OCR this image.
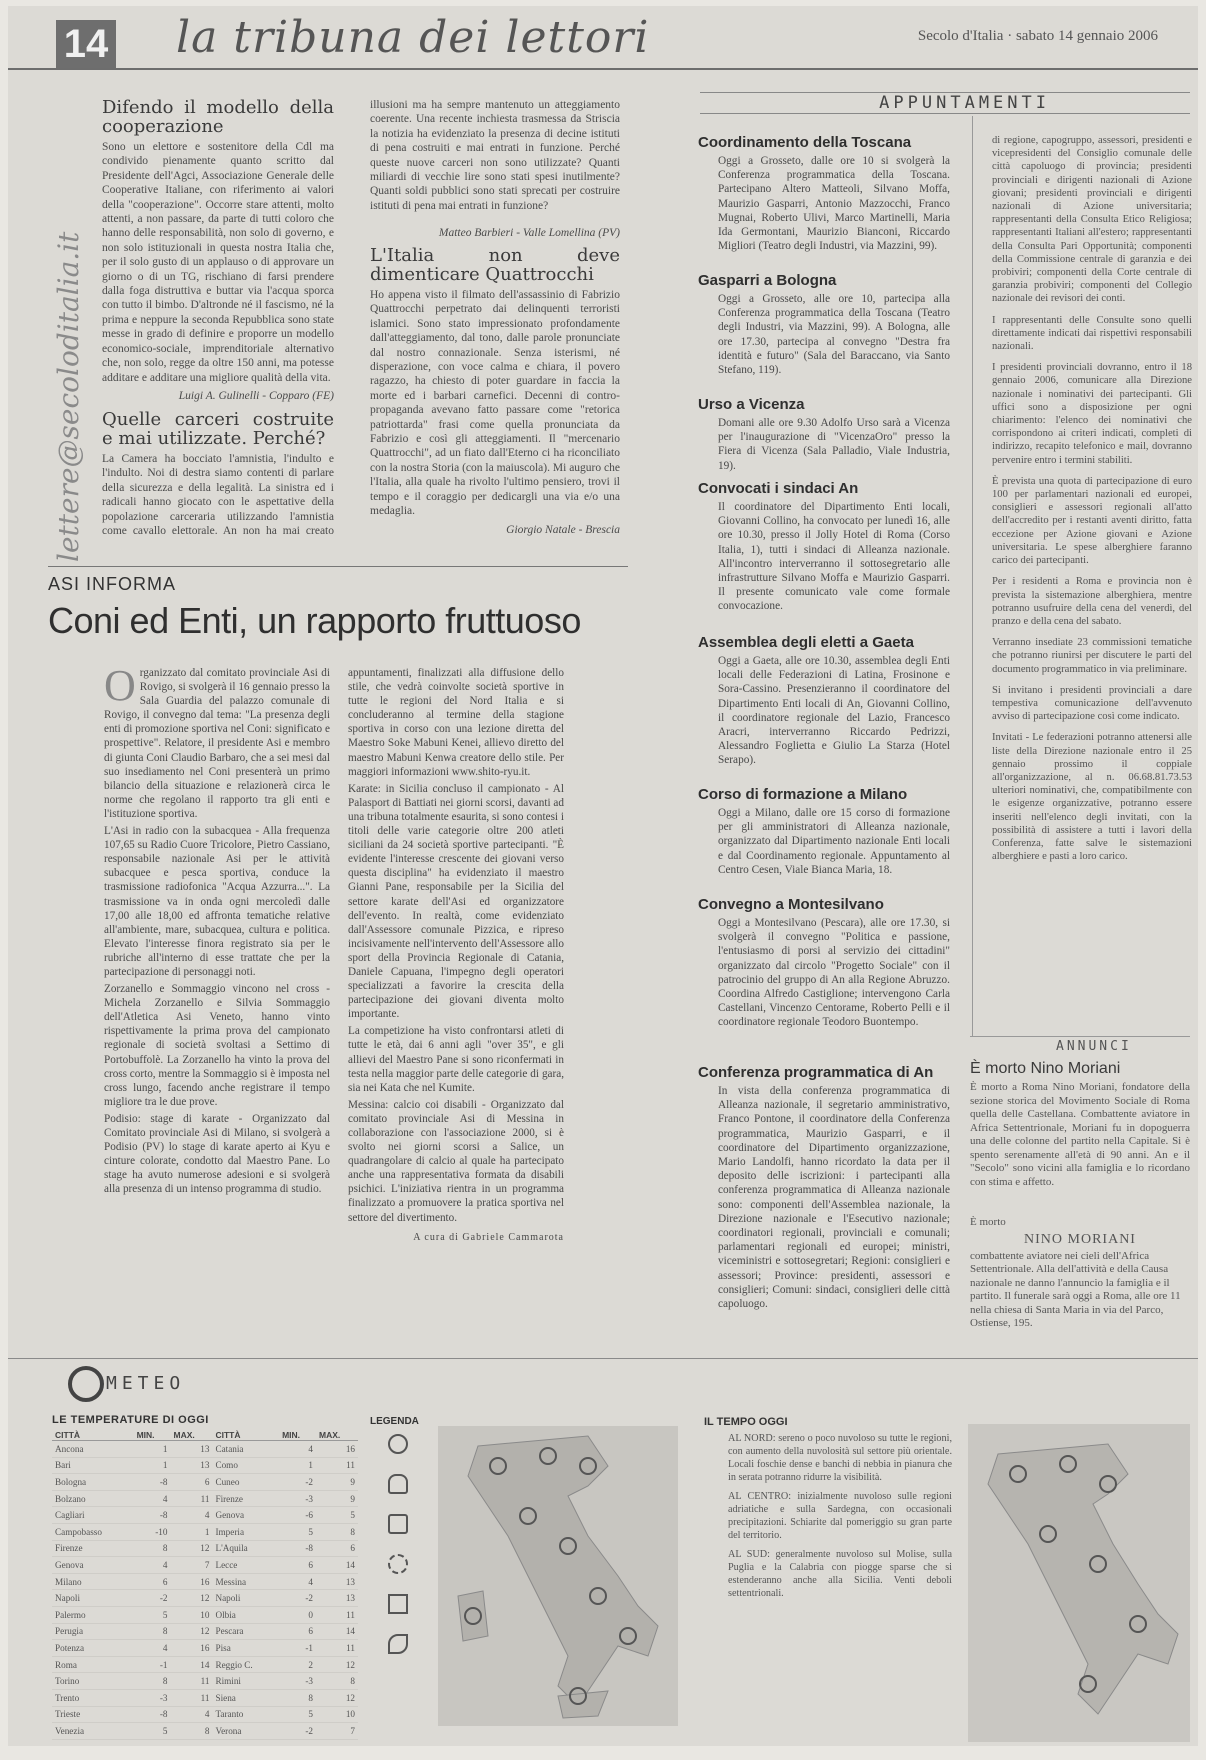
14 la tribuna dei lettori	Secolo d'Italia · sabato 14 gennaio 2006
lettere@secoloditalia.it
Difendo il modello della cooperazione

Sono un elettore e sostenitore della Cdl ma condivido pienamente quanto scritto dal Presidente dell'Agci, Associazione Generale delle Cooperative Italiane, con riferimento ai valori della "cooperazione". Occorre stare attenti, molto attenti, a non passare, da parte di tutti coloro che hanno delle responsabilità, non solo di governo, e non solo istituzionali in questa nostra Italia che, per il solo gusto di un applauso o di approvare un giorno o di un TG, rischiano di farsi prendere dalla foga distruttiva e buttar via l'acqua sporca con tutto il bimbo. D'altronde né il fascismo, né la prima e neppure la seconda Repubblica sono state messe in grado di definire e proporre un modello economico-sociale, imprenditoriale alternativo che, non solo, regge da oltre 150 anni, ma potesse additare e additare una migliore qualità della vita.

Luigi A. Gulinelli - Copparo (FE)
Quelle carceri costruite e mai utilizzate. Perché?

La Camera ha bocciato l'amnistia, l'indulto e l'indulto. Noi di destra siamo contenti di parlare della sicurezza e della legalità. La sinistra ed i radicali hanno giocato con le aspettative della popolazione carceraria utilizzando l'amnistia come cavallo elettorale. An non ha mai creato

illusioni ma ha sempre mantenuto un atteggiamento coerente. Una recente inchiesta trasmessa da Striscia la notizia ha evidenziato la presenza di decine istituti di pena costruiti e mai entrati in funzione. Perché queste nuove carceri non sono utilizzate? Quanti miliardi di vecchie lire sono stati spesi inutilmente? Quanti soldi pubblici sono stati sprecati per costruire istituti di pena mai entrati in funzione?

Matteo Barbieri - Valle Lomellina (PV)
L'Italia non deve dimenticare Quattrocchi

Ho appena visto il filmato dell'assassinio di Fabrizio Quattrocchi perpetrato dai delinquenti terroristi islamici. Sono stato impressionato profondamente dall'atteggiamento, dal tono, dalle parole pronunciate dal nostro connazionale. Senza isterismi, né disperazione, con voce calma e chiara, il povero ragazzo, ha chiesto di poter guardare in faccia la morte ed i barbari carnefici. Decenni di contro-propaganda avevano fatto passare come "retorica patriottarda" frasi come quella pronunciata da Fabrizio e così gli atteggiamenti. Il "mercenario Quattrocchi", ad un fiato dall'Eterno ci ha riconciliato con la nostra Storia (con la maiuscola). Mi auguro che l'Italia, alla quale ha rivolto l'ultimo pensiero, trovi il tempo e il coraggio per dedicargli una via e/o una medaglia.

Giorgio Natale - Brescia
ASI INFORMA
Coni ed Enti, un rapporto fruttuoso

Organizzato dal comitato provinciale Asi di Rovigo, si svolgerà il 16 gennaio presso la Sala Guardia del palazzo comunale di Rovigo, il convegno dal tema: "La presenza degli enti di promozione sportiva nel Coni: significato e prospettive". Relatore, il presidente Asi e membro di giunta Coni Claudio Barbaro, che a sei mesi dal suo insediamento nel Coni presenterà un primo bilancio della situazione e relazionerà circa le norme che regolano il rapporto tra gli enti e l'istituzione sportiva.

L'Asi in radio con la subacquea - Alla frequenza 107,65 su Radio Cuore Tricolore, Pietro Cassiano, responsabile nazionale Asi per le attività subacquee e pesca sportiva, conduce la trasmissione radiofonica "Acqua Azzurra...". La trasmissione va in onda ogni mercoledì dalle 17,00 alle 18,00 ed affronta tematiche relative all'ambiente, mare, subacquea, cultura e politica. Elevato l'interesse finora registrato sia per le rubriche all'interno di esse trattate che per la partecipazione di personaggi noti.

Zorzanello e Sommaggio vincono nel cross - Michela Zorzanello e Silvia Sommaggio dell'Atletica Asi Veneto, hanno vinto rispettivamente la prima prova del campionato regionale di società svoltasi a Settimo di Portobuffolè. La Zorzanello ha vinto la prova del cross corto, mentre la Sommaggio si è imposta nel cross lungo, facendo anche registrare il tempo migliore tra le due prove.

Podisio: stage di karate - Organizzato dal Comitato provinciale Asi di Milano, si svolgerà a Podisio (PV) lo stage di karate aperto ai Kyu e cinture colorate, condotto dal Maestro Pane. Lo stage ha avuto numerose adesioni e si svolgerà alla presenza di un intenso programma di studio.

appuntamenti, finalizzati alla diffusione dello stile, che vedrà coinvolte società sportive in tutte le regioni del Nord Italia e si concluderanno al termine della stagione sportiva in corso con una lezione diretta del Maestro Soke Mabuni Kenei, allievo diretto del maestro Mabuni Kenwa creatore dello stile. Per maggiori informazioni www.shito-ryu.it.

Karate: in Sicilia concluso il campionato - Al Palasport di Battiati nei giorni scorsi, davanti ad una tribuna totalmente esaurita, si sono contesi i titoli delle varie categorie oltre 200 atleti siciliani da 24 società sportive partecipanti. "È evidente l'interesse crescente dei giovani verso questa disciplina" ha evidenziato il maestro Gianni Pane, responsabile per la Sicilia del settore karate dell'Asi ed organizzatore dell'evento. In realtà, come evidenziato dall'Assessore comunale Pizzica, e ripreso incisivamente nell'intervento dell'Assessore allo sport della Provincia Regionale di Catania, Daniele Capuana, l'impegno degli operatori specializzati a favorire la crescita della partecipazione dei giovani diventa molto importante.

La competizione ha visto confrontarsi atleti di tutte le età, dai 6 anni agli "over 35", e gli allievi del Maestro Pane si sono riconfermati in testa nella maggior parte delle categorie di gara, sia nei Kata che nel Kumite.

Messina: calcio coi disabili - Organizzato dal comitato provinciale Asi di Messina in collaborazione con l'associazione 2000, si è svolto nei giorni scorsi a Salice, un quadrangolare di calcio al quale ha partecipato anche una rappresentativa formata da disabili psichici. L'iniziativa rientra in un programma finalizzato a promuovere la pratica sportiva nel settore del divertimento.

A cura di Gabriele Cammarota
APPUNTAMENTI
Coordinamento della Toscana

Oggi a Grosseto, dalle ore 10 si svolgerà la Conferenza programmatica della Toscana. Partecipano Altero Matteoli, Silvano Moffa, Maurizio Gasparri, Antonio Mazzocchi, Franco Mugnai, Roberto Ulivi, Marco Martinelli, Maria Ida Germontani, Maurizio Bianconi, Riccardo Migliori (Teatro degli Industri, via Mazzini, 99).

Gasparri a Bologna

Oggi a Grosseto, alle ore 10, partecipa alla Conferenza programmatica della Toscana (Teatro degli Industri, via Mazzini, 99). A Bologna, alle ore 17.30, partecipa al convegno "Destra fra identità e futuro" (Sala del Baraccano, via Santo Stefano, 119).

Urso a Vicenza

Domani alle ore 9.30 Adolfo Urso sarà a Vicenza per l'inaugurazione di "VicenzaOro" presso la Fiera di Vicenza (Sala Palladio, Viale Industria, 19).

Convocati i sindaci An

Il coordinatore del Dipartimento Enti locali, Giovanni Collino, ha convocato per lunedì 16, alle ore 10.30, presso il Jolly Hotel di Roma (Corso Italia, 1), tutti i sindaci di Alleanza nazionale. All'incontro interverranno il sottosegretario alle infrastrutture Silvano Moffa e Maurizio Gasparri. Il presente comunicato vale come formale convocazione.

Assemblea degli eletti a Gaeta

Oggi a Gaeta, alle ore 10.30, assemblea degli Enti locali delle Federazioni di Latina, Frosinone e Sora-Cassino. Presenzieranno il coordinatore del Dipartimento Enti locali di An, Giovanni Collino, il coordinatore regionale del Lazio, Francesco Aracri, interverranno Riccardo Pedrizzi, Alessandro Foglietta e Giulio La Starza (Hotel Serapo).

Corso di formazione a Milano

Oggi a Milano, dalle ore 15 corso di formazione per gli amministratori di Alleanza nazionale, organizzato dal Dipartimento nazionale Enti locali e dal Coordinamento regionale. Appuntamento al Centro Cesen, Viale Bianca Maria, 18.

Convegno a Montesilvano

Oggi a Montesilvano (Pescara), alle ore 17.30, si svolgerà il convegno "Politica e passione, l'entusiasmo di porsi al servizio dei cittadini" organizzato dal circolo "Progetto Sociale" con il patrocinio del gruppo di An alla Regione Abruzzo. Coordina Alfredo Castiglione; intervengono Carla Castellani, Vincenzo Centorame, Roberto Pelli e il coordinatore regionale Teodoro Buontempo.

Conferenza programmatica di An

In vista della conferenza programmatica di Alleanza nazionale, il segretario amministrativo, Franco Pontone, il coordinatore della Conferenza programmatica, Maurizio Gasparri, e il coordinatore del Dipartimento organizzazione, Mario Landolfi, hanno ricordato la data per il deposito delle iscrizioni: i partecipanti alla conferenza programmatica di Alleanza nazionale sono: componenti dell'Assemblea nazionale, la Direzione nazionale e l'Esecutivo nazionale; coordinatori regionali, provinciali e comunali; parlamentari regionali ed europei; ministri, viceministri e sottosegretari; Regioni: consiglieri e assessori; Province: presidenti, assessori e consiglieri; Comuni: sindaci, consiglieri delle città capoluogo.

di regione, capogruppo, assessori, presidenti e vicepresidenti del Consiglio comunale delle città capoluogo di provincia; presidenti provinciali e dirigenti nazionali di Azione giovani; presidenti provinciali e dirigenti nazionali di Azione universitaria; rappresentanti della Consulta Etico Religiosa; rappresentanti Italiani all'estero; rappresentanti della Consulta Pari Opportunità; componenti della Commissione centrale di garanzia e dei probiviri; componenti della Corte centrale di garanzia probiviri; componenti del Collegio nazionale dei revisori dei conti.

I rappresentanti delle Consulte sono quelli direttamente indicati dai rispettivi responsabili nazionali.

I presidenti provinciali dovranno, entro il 18 gennaio 2006, comunicare alla Direzione nazionale i nominativi dei partecipanti. Gli uffici sono a disposizione per ogni chiarimento: l'elenco dei nominativi che corrispondono ai criteri indicati, completi di indirizzo, recapito telefonico e mail, dovranno pervenire entro i termini stabiliti.

È prevista una quota di partecipazione di euro 100 per parlamentari nazionali ed europei, consiglieri e assessori regionali all'atto dell'accredito per i restanti aventi diritto, fatta eccezione per Azione giovani e Azione universitaria. Le spese alberghiere faranno carico dei partecipanti.

Per i residenti a Roma e provincia non è prevista la sistemazione alberghiera, mentre potranno usufruire della cena del venerdì, del pranzo e della cena del sabato.

Verranno insediate 23 commissioni tematiche che potranno riunirsi per discutere le parti del documento programmatico in via preliminare.

Si invitano i presidenti provinciali a dare tempestiva comunicazione dell'avvenuto avviso di partecipazione così come indicato.

Invitati - Le federazioni potranno attenersi alle liste della Direzione nazionale entro il 25 gennaio prossimo il coppiale all'organizzazione, al n. 06.68.81.73.53 ulteriori nominativi, che, compatibilmente con le esigenze organizzative, potranno essere inseriti nell'elenco degli invitati, con la possibilità di assistere a tutti i lavori della Conferenza, fatte salve le sistemazioni alberghiere e pasti a loro carico.

ANNUNCI
È morto Nino Moriani
È morto a Roma Nino Moriani, fondatore della sezione storica del Movimento Sociale di Roma quella delle Castellana. Combattente aviatore in Africa Settentrionale, Moriani fu in dopoguerra una delle colonne del partito nella Capitale. Si è spento serenamente all'età di 90 anni. An e il "Secolo" sono vicini alla famiglia e lo ricordano con stima e affetto.
È morto
NINO MORIANI
combattente aviatore nei cieli dell'Africa Settentrionale. Alla dell'attività e della Causa nazionale ne danno l'annuncio la famiglia e il partito. Il funerale sarà oggi a Roma, alle ore 11 nella chiesa di Santa Maria in via del Parco, Ostiense, 195.
METEO
LE TEMPERATURE DI OGGI
CITTÀ	MIN.	MAX.	CITTÀ	MIN.	MAX.
Ancona	1	13	Catania	4	16
Bari	1	13	Como	1	11
Bologna	-8	6	Cuneo	-2	9
Bolzano	4	11	Firenze	-3	9
Cagliari	-8	4	Genova	-6	5
Campobasso	-10	1	Imperia	5	8
Firenze	8	12	L'Aquila	-8	6
Genova	4	7	Lecce	6	14
Milano	6	16	Messina	4	13
Napoli	-2	12	Napoli	-2	13
Palermo	5	10	Olbia	0	11
Perugia	8	12	Pescara	6	14
Potenza	4	16	Pisa	-1	11
Roma	-1	14	Reggio C.	2	12
Torino	8	11	Rimini	-3	8
Trento	-3	11	Siena	8	12
Trieste	-8	4	Taranto	5	10
Venezia	5	8	Verona	-2	7
LEGENDA	IL TEMPO OGGI

AL NORD: sereno o poco nuvoloso su tutte le regioni, con aumento della nuvolosità sul settore più orientale. Locali foschie dense e banchi di nebbia in pianura che in serata potranno ridurre la visibilità.

AL CENTRO: inizialmente nuvoloso sulle regioni adriatiche e sulla Sardegna, con occasionali precipitazioni. Schiarite dal pomeriggio su gran parte del territorio.

AL SUD: generalmente nuvoloso sul Molise, sulla Puglia e la Calabria con piogge sparse che si estenderanno anche alla Sicilia. Venti deboli settentrionali.
